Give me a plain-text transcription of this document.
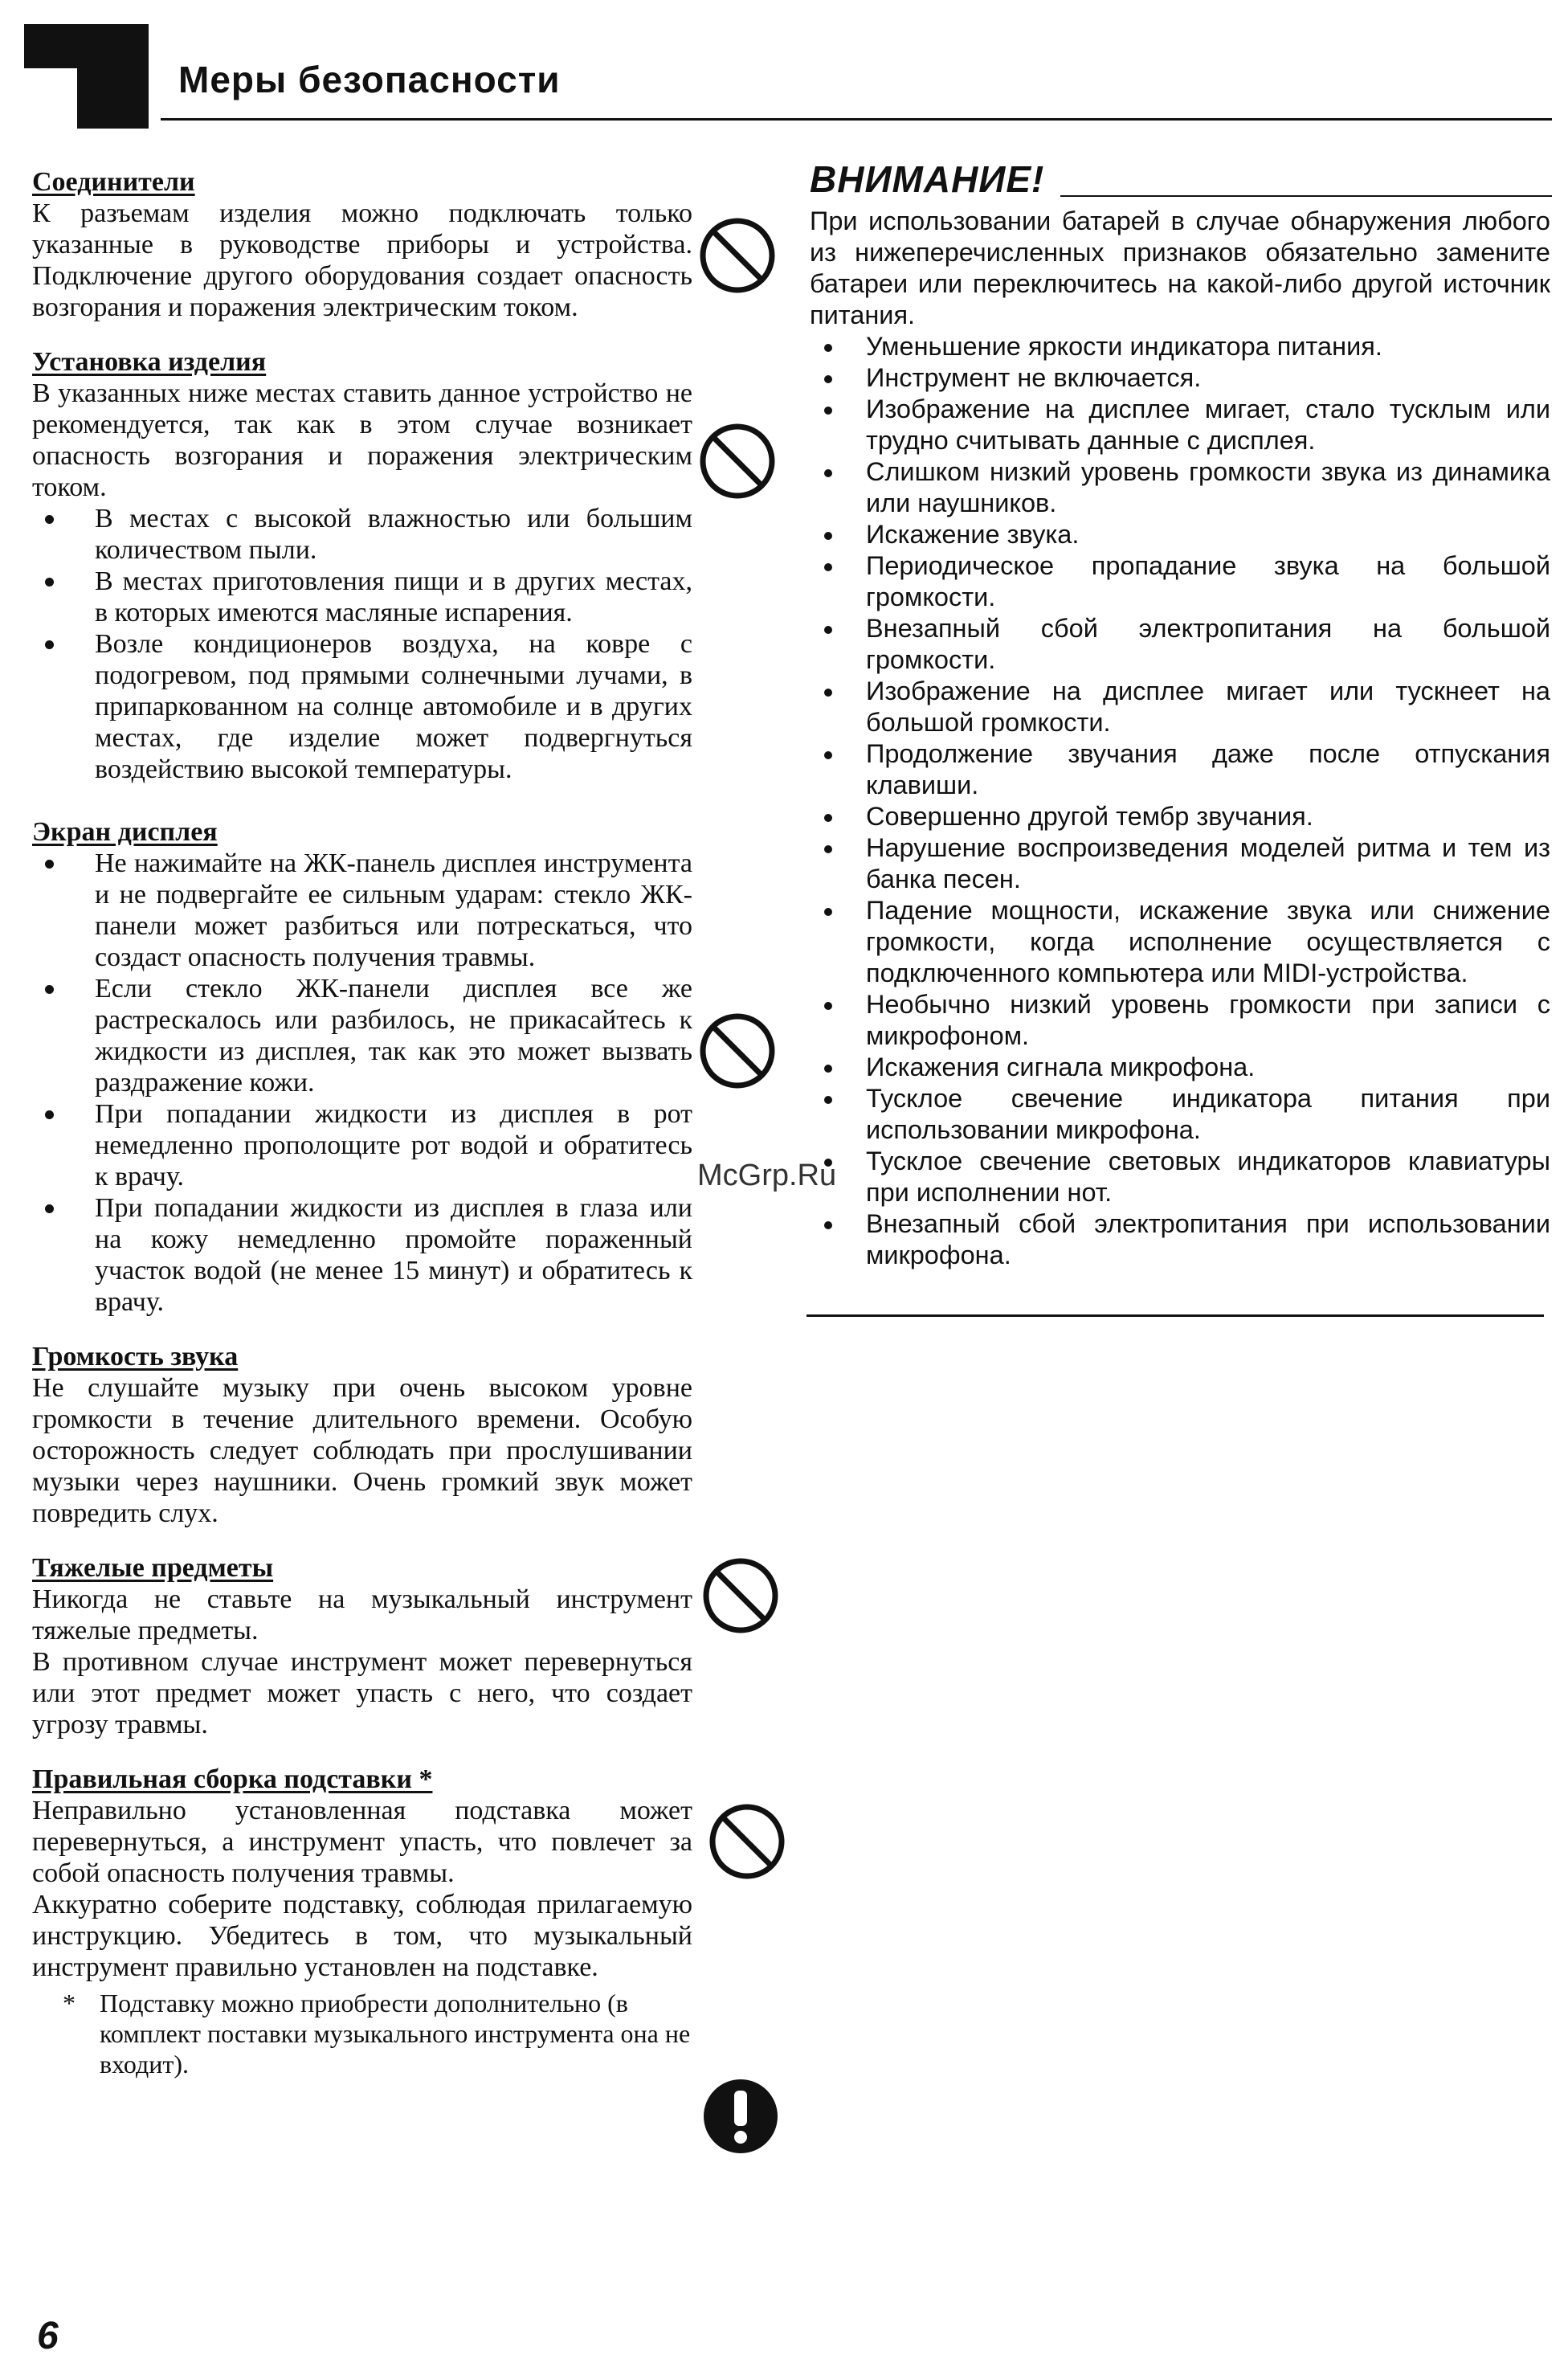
Меры безопасности

Соединители

К разъемам изделия можно подключать только указанные в руководстве приборы и устройства. Подключение другого оборудования создает опасность возгорания и поражения электрическим током.

Установка изделия

В указанных ниже местах ставить данное устройство не рекомендуется, так как в этом случае возникает опасность возгорания и поражения электрическим током.

В местах с высокой влажностью или большим количеством пыли.
В местах приготовления пищи и в других местах, в которых имеются масляные испарения.
Возле кондиционеров воздуха, на ковре с подогревом, под прямыми солнечными лучами, в припаркованном на солнце автомобиле и в других местах, где изделие может подвергнуться воздействию высокой температуры.

Экран дисплея

Не нажимайте на ЖК-панель дисплея инструмента и не подвергайте ее сильным ударам: стекло ЖК-панели может разбиться или потрескаться, что создаст опасность получения травмы.
Если стекло ЖК-панели дисплея все же растрескалось или разбилось, не прикасайтесь к жидкости из дисплея, так как это может вызвать раздражение кожи.
При попадании жидкости из дисплея в рот немедленно прополощите рот водой и обратитесь к врачу.
При попадании жидкости из дисплея в глаза или на кожу немедленно промойте пораженный участок водой (не менее 15 минут) и обратитесь к врачу.

Громкость звука

Не слушайте музыку при очень высоком уровне громкости в течение длительного времени. Особую осторожность следует соблюдать при прослушивании музыки через наушники. Очень громкий звук может повредить слух.

Тяжелые предметы

Никогда не ставьте на музыкальный инструмент тяжелые предметы.

В противном случае инструмент может перевернуться или этот предмет может упасть с него, что создает угрозу травмы.

Правильная сборка подставки *

Неправильно установленная подставка может перевернуться, а инструмент упасть, что повлечет за собой опасность получения травмы.

Аккуратно соберите подставку, соблюдая прилагаемую инструкцию. Убедитесь в том, что музыкальный инструмент правильно установлен на подставке.

* Подставку можно приобрести дополнительно (в комплект поставки музыкального инструмента она не входит).

ВНИМАНИЕ!

При использовании батарей в случае обнаружения любого из нижеперечисленных признаков обязательно замените батареи или переключитесь на какой-либо другой источник питания.

Уменьшение яркости индикатора питания.
Инструмент не включается.
Изображение на дисплее мигает, стало тусклым или трудно считывать данные с дисплея.
Слишком низкий уровень громкости звука из динамика или наушников.
Искажение звука.
Периодическое пропадание звука на большой громкости.
Внезапный сбой электропитания на большой громкости.
Изображение на дисплее мигает или тускнеет на большой громкости.
Продолжение звучания даже после отпускания клавиши.
Совершенно другой тембр звучания.
Нарушение воспроизведения моделей ритма и тем из банка песен.
Падение мощности, искажение звука или снижение громкости, когда исполнение осуществляется с подключенного компьютера или MIDI-устройства.
Необычно низкий уровень громкости при записи с микрофоном.
Искажения сигнала микрофона.
Тусклое свечение индикатора питания при использовании микрофона.
Тусклое свечение световых индикаторов клавиатуры при исполнении нот.
Внезапный сбой электропитания при использовании микрофона.
McGrp.Ru
6
